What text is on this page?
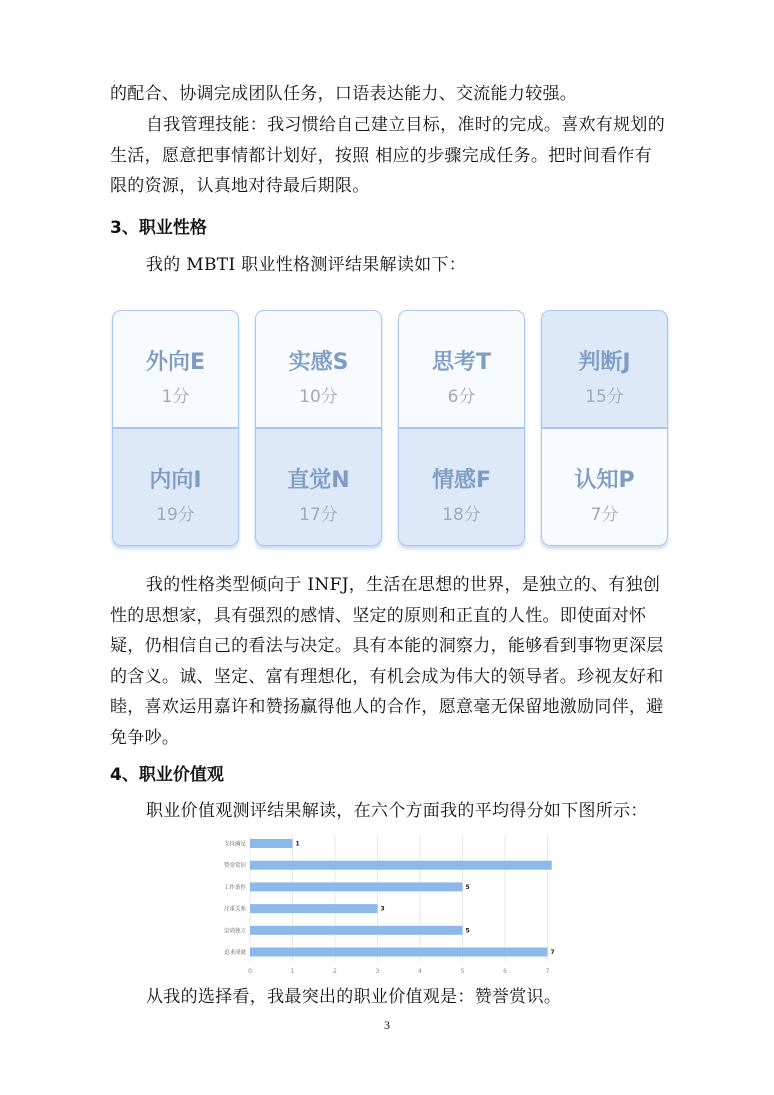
的配合、协调完成团队任务，口语表达能力、交流能力较强。

自我管理技能：我习惯给自己建立目标，准时的完成。喜欢有规划的生活，愿意把事情都计划好，按照 相应的步骤完成任务。把时间看作有限的资源，认真地对待最后期限。

3、职业性格

我的 MBTI 职业性格测评结果解读如下：

外向E
1分
内向I
19分
实感S
10分
直觉N
17分
思考T
6分
情感F
18分
判断J
15分
认知P
7分

我的性格类型倾向于 INFJ，生活在思想的世界，是独立的、有独创性的思想家，具有强烈的感情、坚定的原则和正直的人性。即使面对怀疑，仍相信自己的看法与决定。具有本能的洞察力，能够看到事物更深层的含义。诚、坚定、富有理想化，有机会成为伟大的领导者。珍视友好和睦，喜欢运用嘉许和赞扬赢得他人的合作，愿意毫无保留地激励同伴，避免争吵。

4、职业价值观

职业价值观测评结果解读，在六个方面我的平均得分如下图所示：

0	1	2	3	4	5	6	7
支持满足	1
赞誉赏识
工作条件	5
注重关系	3
崇尚独立	5
追求成就	7

从我的选择看，我最突出的职业价值观是：赞誉赏识。

3
